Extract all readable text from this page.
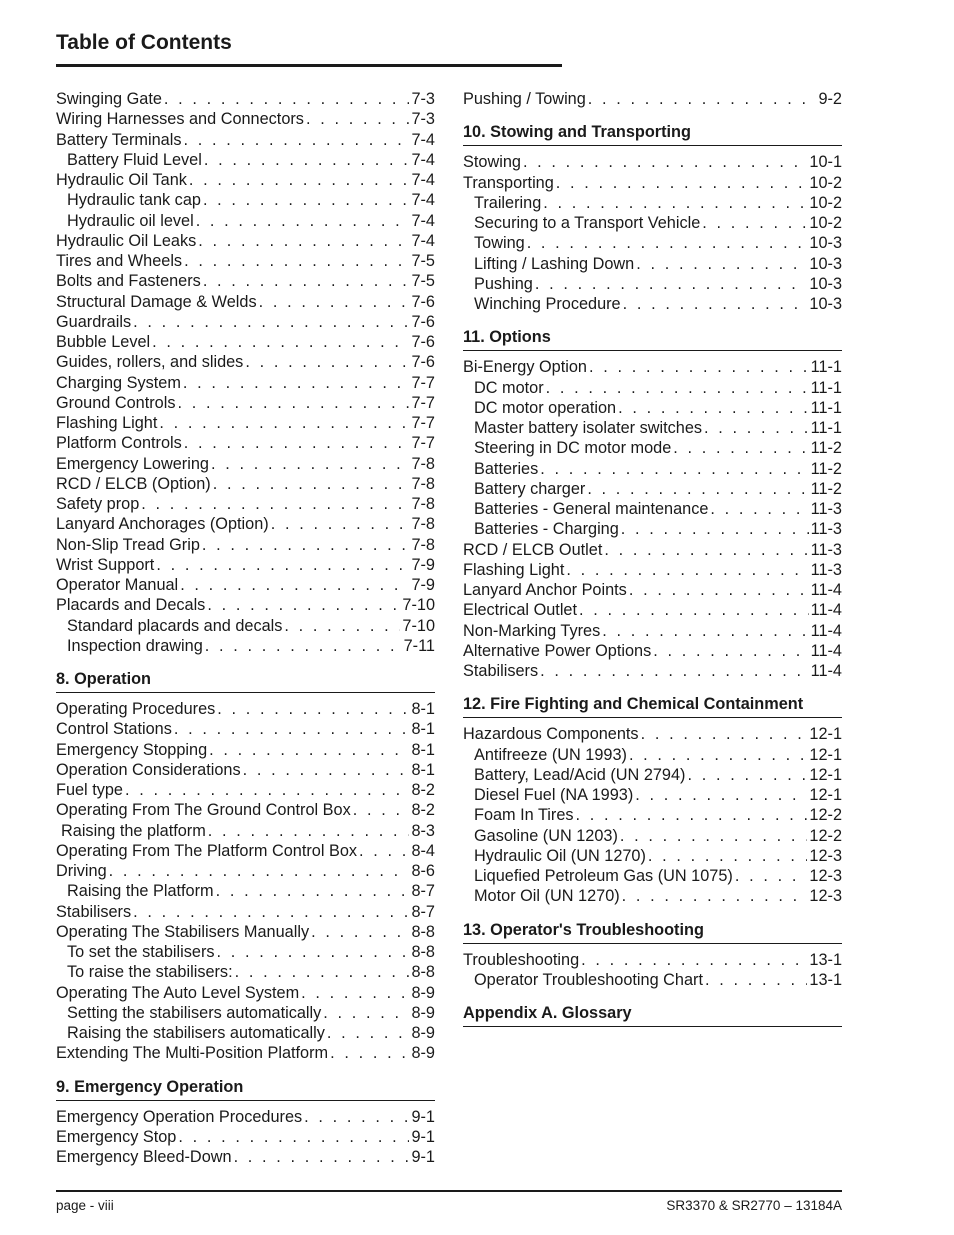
Table of Contents
Swinging Gate . . .	7-3
Wiring Harnesses and Connectors . . .	7-3
Battery Terminals . . .	7-4
Battery Fluid Level . . .	7-4
Hydraulic Oil Tank . . .	7-4
Hydraulic tank cap . . .	7-4
Hydraulic oil level . . .	7-4
Hydraulic Oil Leaks . . .	7-4
Tires and Wheels . . .	7-5
Bolts and Fasteners . . .	7-5
Structural Damage & Welds . . .	7-6
Guardrails . . .	7-6
Bubble Level . . .	7-6
Guides, rollers, and slides . . .	7-6
Charging System . . .	7-7
Ground Controls . . .	7-7
Flashing Light . . .	7-7
Platform Controls . . .	7-7
Emergency Lowering . . .	7-8
RCD / ELCB (Option) . . .	7-8
Safety prop . . .	7-8
Lanyard Anchorages (Option) . . .	7-8
Non-Slip Tread Grip . . .	7-8
Wrist Support . . .	7-9
Operator Manual . . .	7-9
Placards and Decals . . .	7-10
Standard placards and decals . . .	7-10
Inspection drawing . . .	7-11
8. Operation
Operating Procedures . . .	8-1
Control Stations . . .	8-1
Emergency Stopping . . .	8-1
Operation Considerations . . .	8-1
Fuel type . . .	8-2
Operating From The Ground Control Box . . .	8-2
Raising the platform . . .	8-3
Operating From The Platform Control Box . . .	8-4
Driving . . .	8-6
Raising the Platform . . .	8-7
Stabilisers . . .	8-7
Operating The Stabilisers Manually . . .	8-8
To set the stabilisers . . .	8-8
To raise the stabilisers: . . .	8-8
Operating The Auto Level System . . .	8-9
Setting the stabilisers automatically . . .	8-9
Raising the stabilisers automatically . . .	8-9
Extending The Multi-Position Platform . . .	8-9
9. Emergency Operation
Emergency Operation Procedures . . .	9-1
Emergency Stop . . .	9-1
Emergency Bleed-Down . . .	9-1
Pushing / Towing . . .	9-2
10. Stowing and Transporting
Stowing . . .	10-1
Transporting . . .	10-2
Trailering . . .	10-2
Securing to a Transport Vehicle . . .	10-2
Towing . . .	10-3
Lifting / Lashing Down . . .	10-3
Pushing . . .	10-3
Winching Procedure . . .	10-3
11. Options
Bi-Energy Option . . .	11-1
DC motor . . .	11-1
DC motor operation . . .	11-1
Master battery isolater switches . . .	11-1
Steering in DC motor mode . . .	11-2
Batteries . . .	11-2
Battery charger . . .	11-2
Batteries - General maintenance . . .	11-3
Batteries - Charging . . .	11-3
RCD / ELCB Outlet . . .	11-3
Flashing Light . . .	11-3
Lanyard Anchor Points . . .	11-4
Electrical Outlet . . .	11-4
Non-Marking Tyres . . .	11-4
Alternative Power Options . . .	11-4
Stabilisers . . .	11-4
12. Fire Fighting and Chemical Containment
Hazardous Components . . .	12-1
Antifreeze (UN 1993) . . .	12-1
Battery, Lead/Acid (UN 2794) . . .	12-1
Diesel Fuel (NA 1993) . . .	12-1
Foam In Tires . . .	12-2
Gasoline (UN 1203) . . .	12-2
Hydraulic Oil (UN 1270) . . .	12-3
Liquefied Petroleum Gas (UN 1075) . . .	12-3
Motor Oil (UN 1270) . . .	12-3
13. Operator's Troubleshooting
Troubleshooting . . .	13-1
Operator Troubleshooting Chart . . .	13-1
Appendix A. Glossary
page - viii	SR3370 & SR2770 – 13184A
